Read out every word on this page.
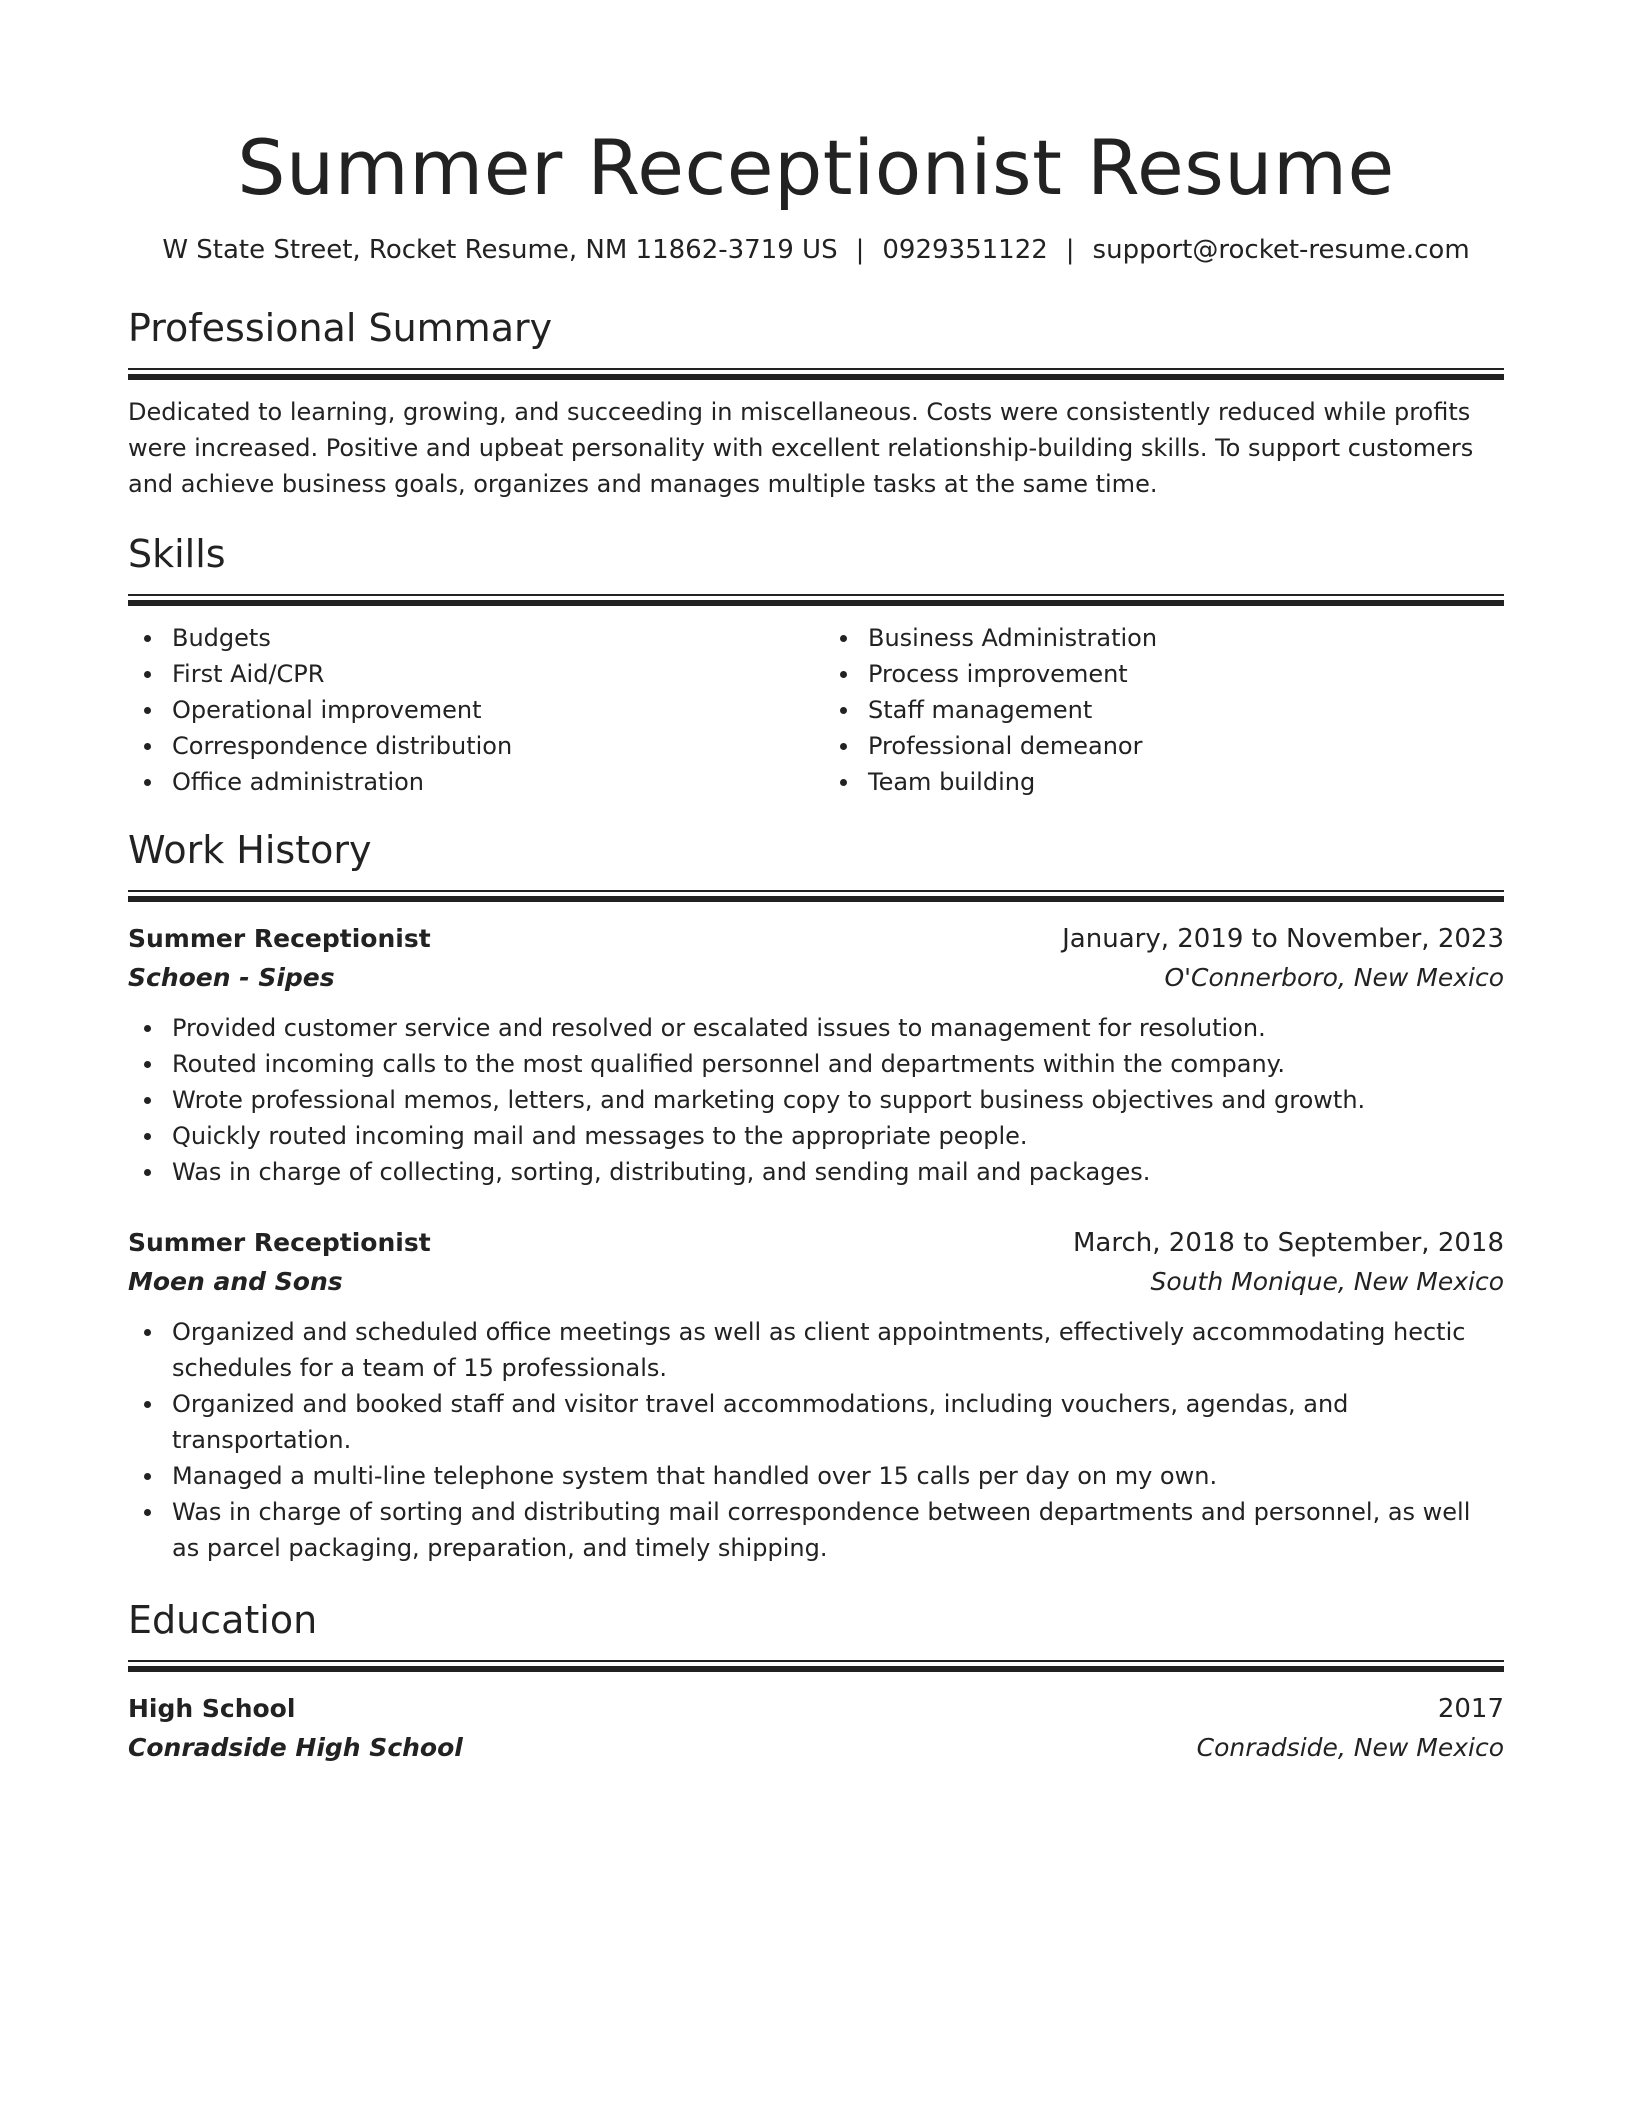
Summer Receptionist Resume
W State Street, Rocket Resume, NM 11862-3719 US | 0929351122 | support@rocket-resume.com
Professional Summary

Dedicated to learning, growing, and succeeding in miscellaneous. Costs were consistently reduced while profits were increased. Positive and upbeat personality with excellent relationship-building skills. To support customers and achieve business goals, organizes and manages multiple tasks at the same time.

Skills
Budgets
First Aid/CPR
Operational improvement
Correspondence distribution
Office administration
Business Administration
Process improvement
Staff management
Professional demeanor
Team building
Work History
Summer Receptionist	January, 2019 to November, 2023
Schoen - Sipes	O'Connerboro, New Mexico
Provided customer service and resolved or escalated issues to management for resolution.
Routed incoming calls to the most qualified personnel and departments within the company.
Wrote professional memos, letters, and marketing copy to support business objectives and growth.
Quickly routed incoming mail and messages to the appropriate people.
Was in charge of collecting, sorting, distributing, and sending mail and packages.
Summer Receptionist	March, 2018 to September, 2018
Moen and Sons	South Monique, New Mexico
Organized and scheduled office meetings as well as client appointments, effectively accommodating hectic schedules for a team of 15 professionals.
Organized and booked staff and visitor travel accommodations, including vouchers, agendas, and transportation.
Managed a multi-line telephone system that handled over 15 calls per day on my own.
Was in charge of sorting and distributing mail correspondence between departments and personnel, as well as parcel packaging, preparation, and timely shipping.
Education
High School	2017
Conradside High School	Conradside, New Mexico
